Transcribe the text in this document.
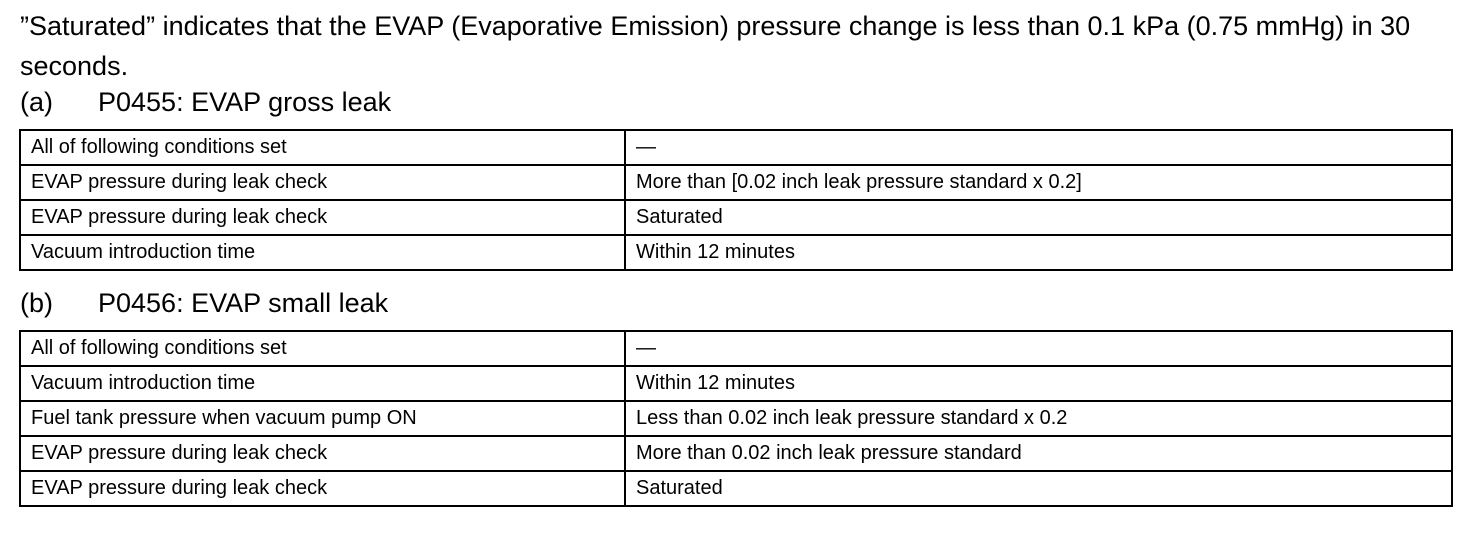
”Saturated” indicates that the EVAP (Evaporative Emission) pressure change is less than 0.1 kPa (0.75 mmHg) in 30 seconds.

(a) P0455: EVAP gross leak

All of following conditions set	—
EVAP pressure during leak check	More than [0.02 inch leak pressure standard x 0.2]
EVAP pressure during leak check	Saturated
Vacuum introduction time	Within 12 minutes

(b) P0456: EVAP small leak

All of following conditions set	—
Vacuum introduction time	Within 12 minutes
Fuel tank pressure when vacuum pump ON	Less than 0.02 inch leak pressure standard x 0.2
EVAP pressure during leak check	More than 0.02 inch leak pressure standard
EVAP pressure during leak check	Saturated
